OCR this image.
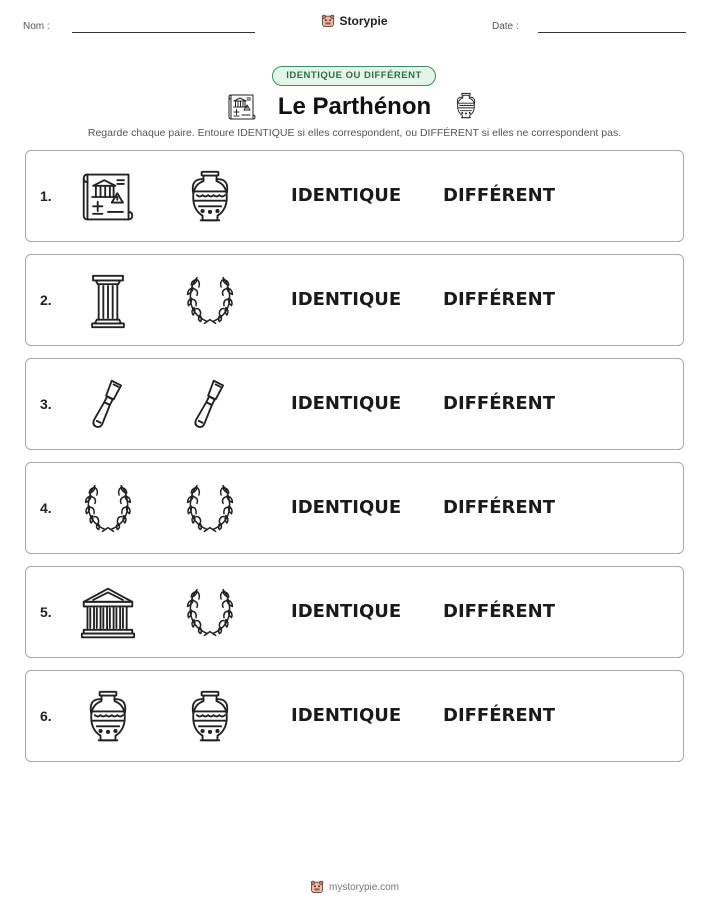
Nom :	Storypie	Date :
IDENTIQUE OU DIFFÉRENT
Le Parthénon
Regarde chaque paire. Entoure IDENTIQUE si elles correspondent, ou DIFFÉRENT si elles ne correspondent pas.
1.	IDENTIQUE DIFFÉRENT
2.	IDENTIQUE DIFFÉRENT
3.	IDENTIQUE DIFFÉRENT
4.	IDENTIQUE DIFFÉRENT
5.	IDENTIQUE DIFFÉRENT
6.	IDENTIQUE DIFFÉRENT
mystorypie.com
